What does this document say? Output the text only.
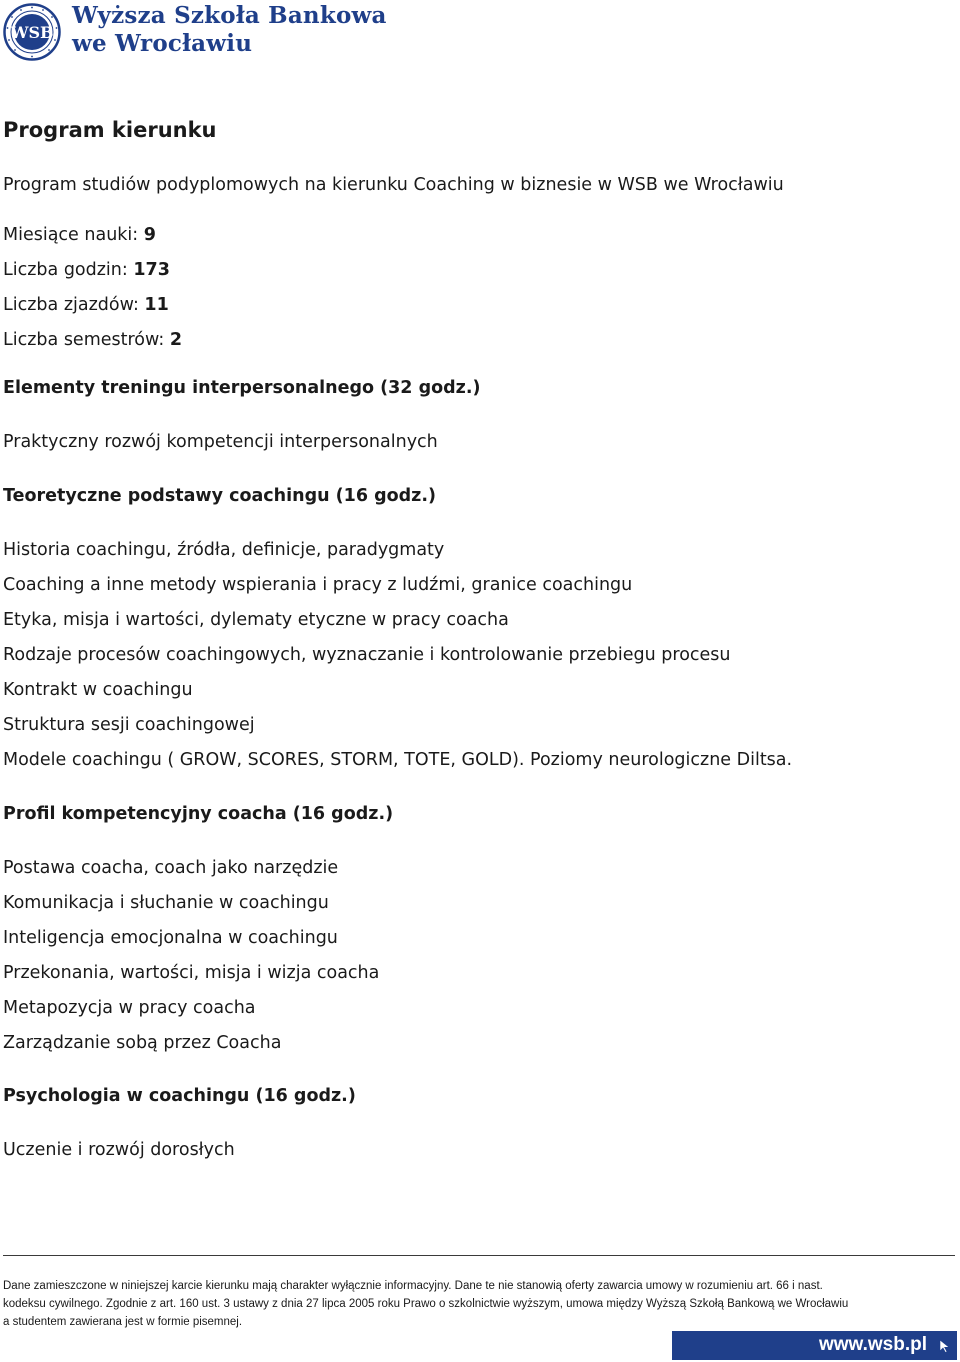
WSB
Wyższa Szkoła Bankowa
we Wrocławiu
Program kierunku
Program studiów podyplomowych na kierunku Coaching w biznesie w WSB we Wrocławiu
Miesiące nauki: 9
Liczba godzin: 173
Liczba zjazdów: 11
Liczba semestrów: 2
Elementy treningu interpersonalnego (32 godz.)
Praktyczny rozwój kompetencji interpersonalnych
Teoretyczne podstawy coachingu (16 godz.)
Historia coachingu, źródła, definicje, paradygmaty
Coaching a inne metody wspierania i pracy z ludźmi, granice coachingu
Etyka, misja i wartości, dylematy etyczne w pracy coacha
Rodzaje procesów coachingowych, wyznaczanie i kontrolowanie przebiegu procesu
Kontrakt w coachingu
Struktura sesji coachingowej
Modele coachingu ( GROW, SCORES, STORM, TOTE, GOLD). Poziomy neurologiczne Diltsa.
Profil kompetencyjny coacha (16 godz.)
Postawa coacha, coach jako narzędzie
Komunikacja i słuchanie w coachingu
Inteligencja emocjonalna w coachingu
Przekonania, wartości, misja i wizja coacha
Metapozycja w pracy coacha
Zarządzanie sobą przez Coacha
Psychologia w coachingu (16 godz.)
Uczenie i rozwój dorosłych
Dane zamieszczone w niniejszej karcie kierunku mają charakter wyłącznie informacyjny. Dane te nie stanowią oferty zawarcia umowy w rozumieniu art. 66 i nast.
kodeksu cywilnego. Zgodnie z art. 160 ust. 3 ustawy z dnia 27 lipca 2005 roku Prawo o szkolnictwie wyższym, umowa między Wyższą Szkołą Bankową we Wrocławiu
a studentem zawierana jest w formie pisemnej.
www.wsb.pl
